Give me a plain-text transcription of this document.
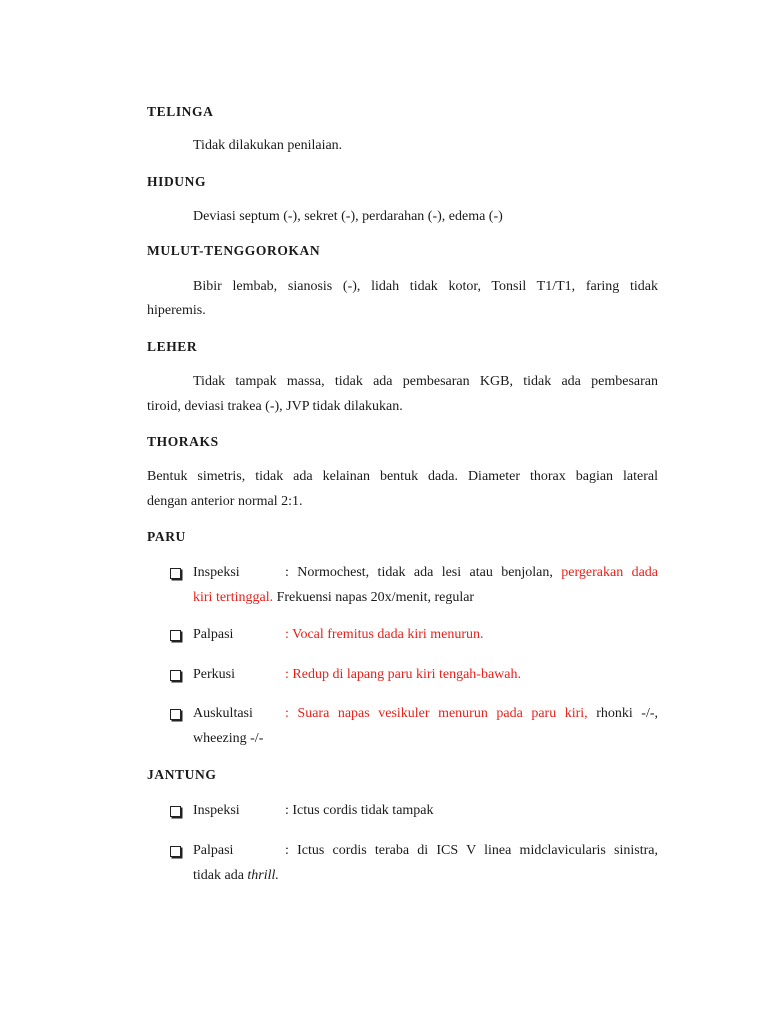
TELINGA
Tidak dilakukan penilaian.
HIDUNG
Deviasi septum (-), sekret (-), perdarahan (-), edema (-)
MULUT-TENGGOROKAN
Bibir lembab, sianosis (-), lidah tidak kotor, Tonsil T1/T1, faring tidak
hiperemis.
LEHER
Tidak tampak massa, tidak ada pembesaran KGB, tidak ada pembesaran
tiroid, deviasi trakea (-), JVP tidak dilakukan.
THORAKS
Bentuk simetris, tidak ada kelainan bentuk dada. Diameter thorax bagian lateral
dengan anterior normal 2:1.
PARU
Inspeksi	: Normochest, tidak ada lesi atau benjolan, pergerakan dada
kiri tertinggal. Frekuensi napas 20x/menit, regular
Palpasi	: Vocal fremitus dada kiri menurun.
Perkusi	: Redup di lapang paru kiri tengah-bawah.
Auskultasi : Suara napas vesikuler menurun pada paru kiri, rhonki -/-,
wheezing -/-
JANTUNG
Inspeksi	: Ictus cordis tidak tampak
Palpasi	: Ictus cordis teraba di ICS V linea midclavicularis sinistra,
tidak ada thrill.
